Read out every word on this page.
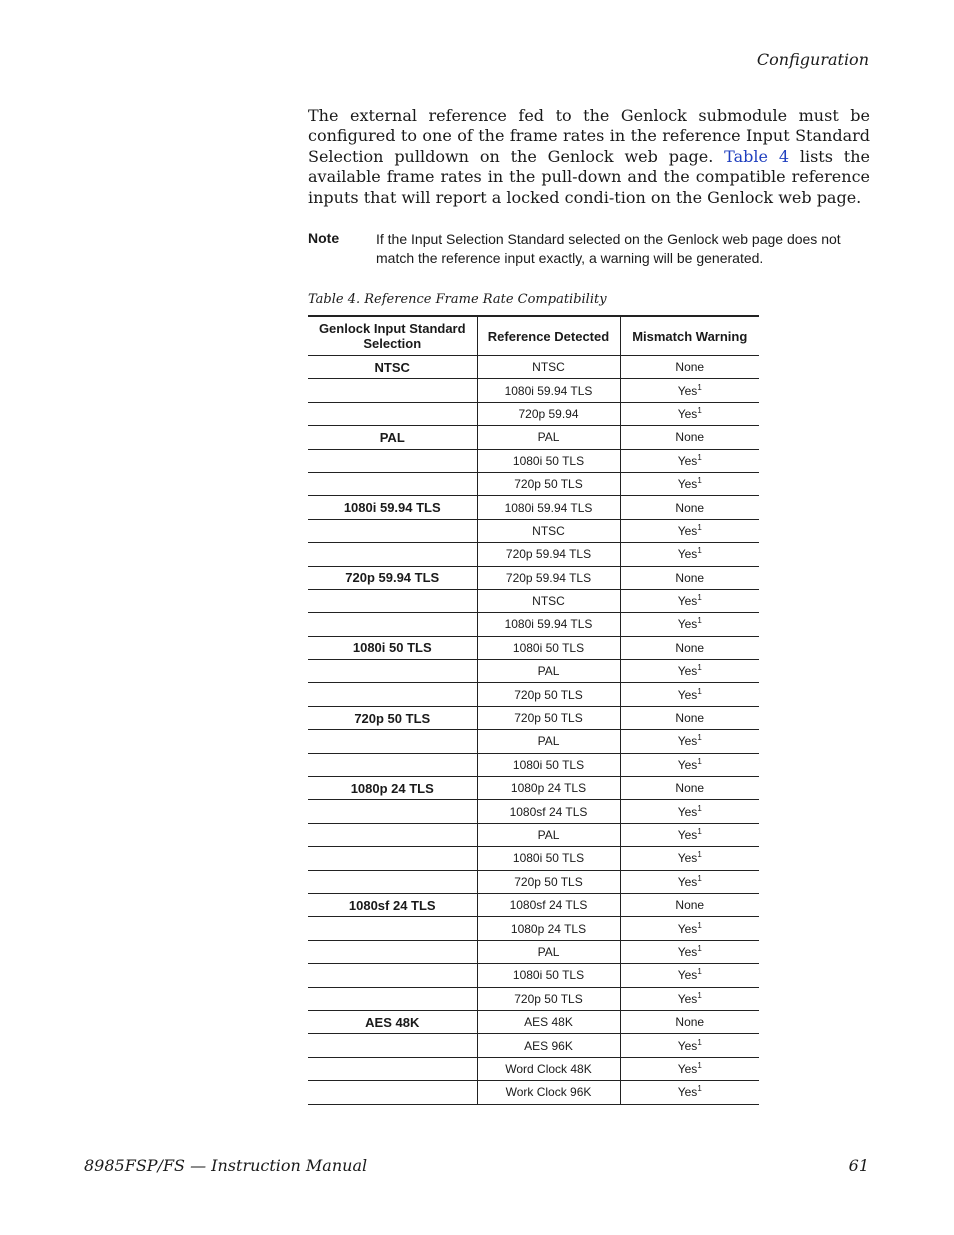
Configuration

The external reference fed to the Genlock submodule must be configured to one of the frame rates in the reference Input Standard Selection pulldown on the Genlock web page. Table 4 lists the available frame rates in the pull-down and the compatible reference inputs that will report a locked condi-tion on the Genlock web page.

Note	If the Input Selection Standard selected on the Genlock web page does not match the reference input exactly, a warning will be generated.
Table 4. Reference Frame Rate Compatibility
Genlock Input Standard Selection	Reference Detected	Mismatch Warning
NTSC	NTSC	None
	1080i 59.94 TLS	Yes$^1$
	720p 59.94	Yes$^1$
PAL	PAL	None
	1080i 50 TLS	Yes$^1$
	720p 50 TLS	Yes$^1$
1080i 59.94 TLS	1080i 59.94 TLS	None
	NTSC	Yes$^1$
	720p 59.94 TLS	Yes$^1$
720p 59.94 TLS	720p 59.94 TLS	None
	NTSC	Yes$^1$
	1080i 59.94 TLS	Yes$^1$
1080i 50 TLS	1080i 50 TLS	None
	PAL	Yes$^1$
	720p 50 TLS	Yes$^1$
720p 50 TLS	720p 50 TLS	None
	PAL	Yes$^1$
	1080i 50 TLS	Yes$^1$
1080p 24 TLS	1080p 24 TLS	None
	1080sf 24 TLS	Yes$^1$
	PAL	Yes$^1$
	1080i 50 TLS	Yes$^1$
	720p 50 TLS	Yes$^1$
1080sf 24 TLS	1080sf 24 TLS	None
	1080p 24 TLS	Yes$^1$
	PAL	Yes$^1$
	1080i 50 TLS	Yes$^1$
	720p 50 TLS	Yes$^1$
AES 48K	AES 48K	None
	AES 96K	Yes$^1$
	Word Clock 48K	Yes$^1$
	Work Clock 96K	Yes$^1$
8985FSP/FS — Instruction Manual	61
